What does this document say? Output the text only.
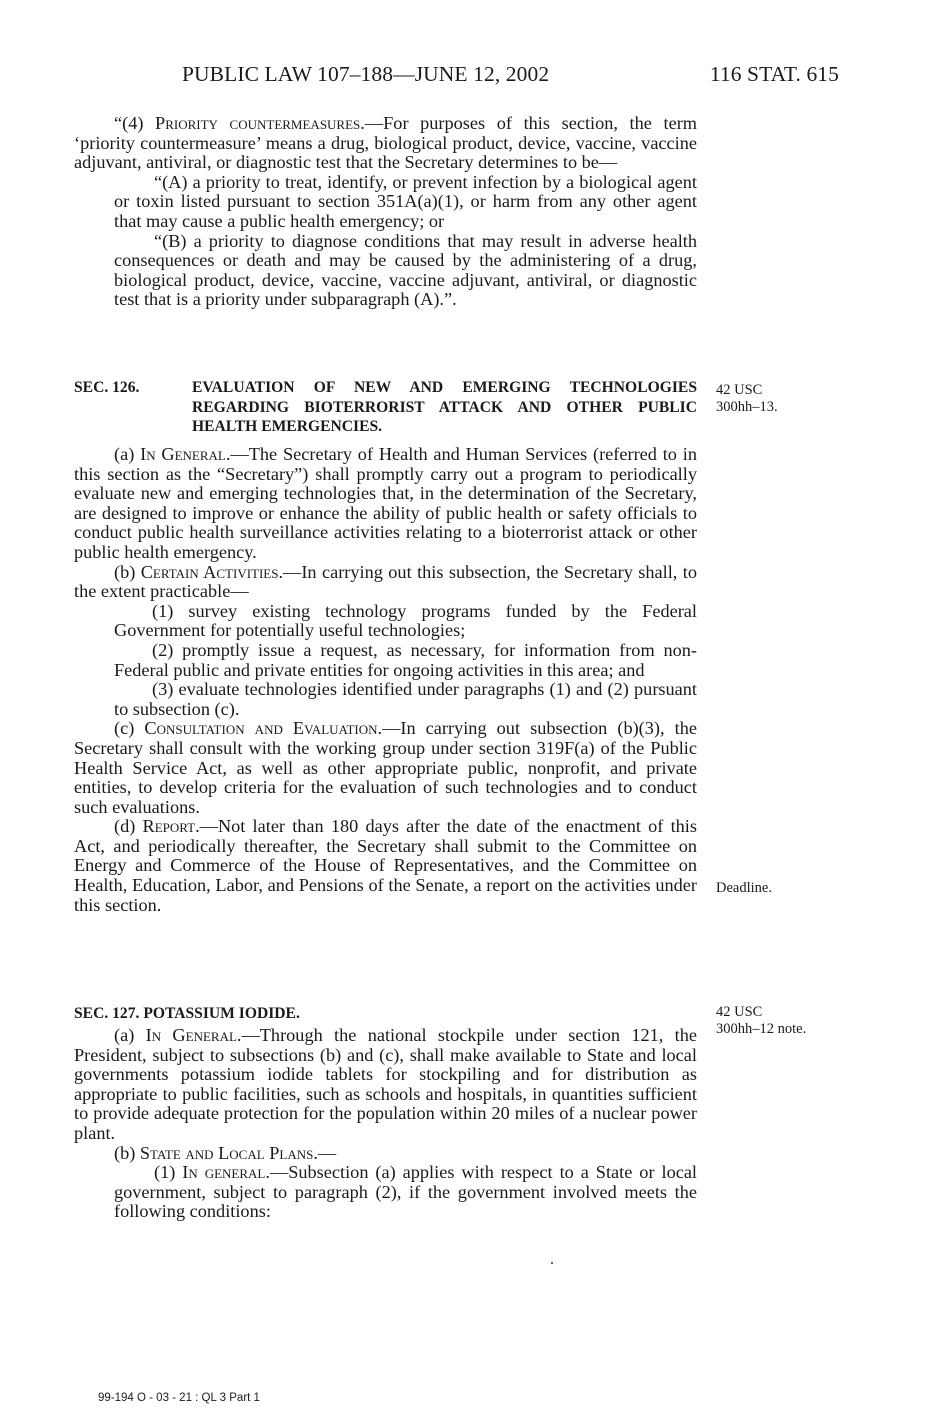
PUBLIC LAW 107–188—JUNE 12, 2002	116 STAT. 615

“(4) Priority countermeasures.—For purposes of this section, the term ‘priority countermeasure’ means a drug, biological product, device, vaccine, vaccine adjuvant, antiviral, or diagnostic test that the Secretary determines to be—

“(A) a priority to treat, identify, or prevent infection by a biological agent or toxin listed pursuant to section 351A(a)(1), or harm from any other agent that may cause a public health emergency; or

“(B) a priority to diagnose conditions that may result in adverse health consequences or death and may be caused by the administering of a drug, biological product, device, vaccine, vaccine adjuvant, antiviral, or diagnostic test that is a priority under subparagraph (A).”.

SEC. 126.	EVALUATION OF NEW AND EMERGING TECHNOLOGIES REGARDING BIOTERRORIST ATTACK AND OTHER PUBLIC HEALTH EMERGENCIES.
42 USC
300hh–13.

(a) In General.—The Secretary of Health and Human Services (referred to in this section as the “Secretary”) shall promptly carry out a program to periodically evaluate new and emerging technologies that, in the determination of the Secretary, are designed to improve or enhance the ability of public health or safety officials to conduct public health surveillance activities relating to a bioterrorist attack or other public health emergency.

(b) Certain Activities.—In carrying out this subsection, the Secretary shall, to the extent practicable—

(1) survey existing technology programs funded by the Federal Government for potentially useful technologies;

(2) promptly issue a request, as necessary, for information from non-Federal public and private entities for ongoing activities in this area; and

(3) evaluate technologies identified under paragraphs (1) and (2) pursuant to subsection (c).

(c) Consultation and Evaluation.—In carrying out subsection (b)(3), the Secretary shall consult with the working group under section 319F(a) of the Public Health Service Act, as well as other appropriate public, nonprofit, and private entities, to develop criteria for the evaluation of such technologies and to conduct such evaluations.

(d) Report.—Not later than 180 days after the date of the enactment of this Act, and periodically thereafter, the Secretary shall submit to the Committee on Energy and Commerce of the House of Representatives, and the Committee on Health, Education, Labor, and Pensions of the Senate, a report on the activities under this section.

Deadline.
SEC. 127. POTASSIUM IODIDE.	42 USC
300hh–12 note.

(a) In General.—Through the national stockpile under section 121, the President, subject to subsections (b) and (c), shall make available to State and local governments potassium iodide tablets for stockpiling and for distribution as appropriate to public facilities, such as schools and hospitals, in quantities sufficient to provide adequate protection for the population within 20 miles of a nuclear power plant.

(b) State and Local Plans.—

(1) In general.—Subsection (a) applies with respect to a State or local government, subject to paragraph (2), if the government involved meets the following conditions:

99-194 O - 03 - 21 : QL 3 Part 1
